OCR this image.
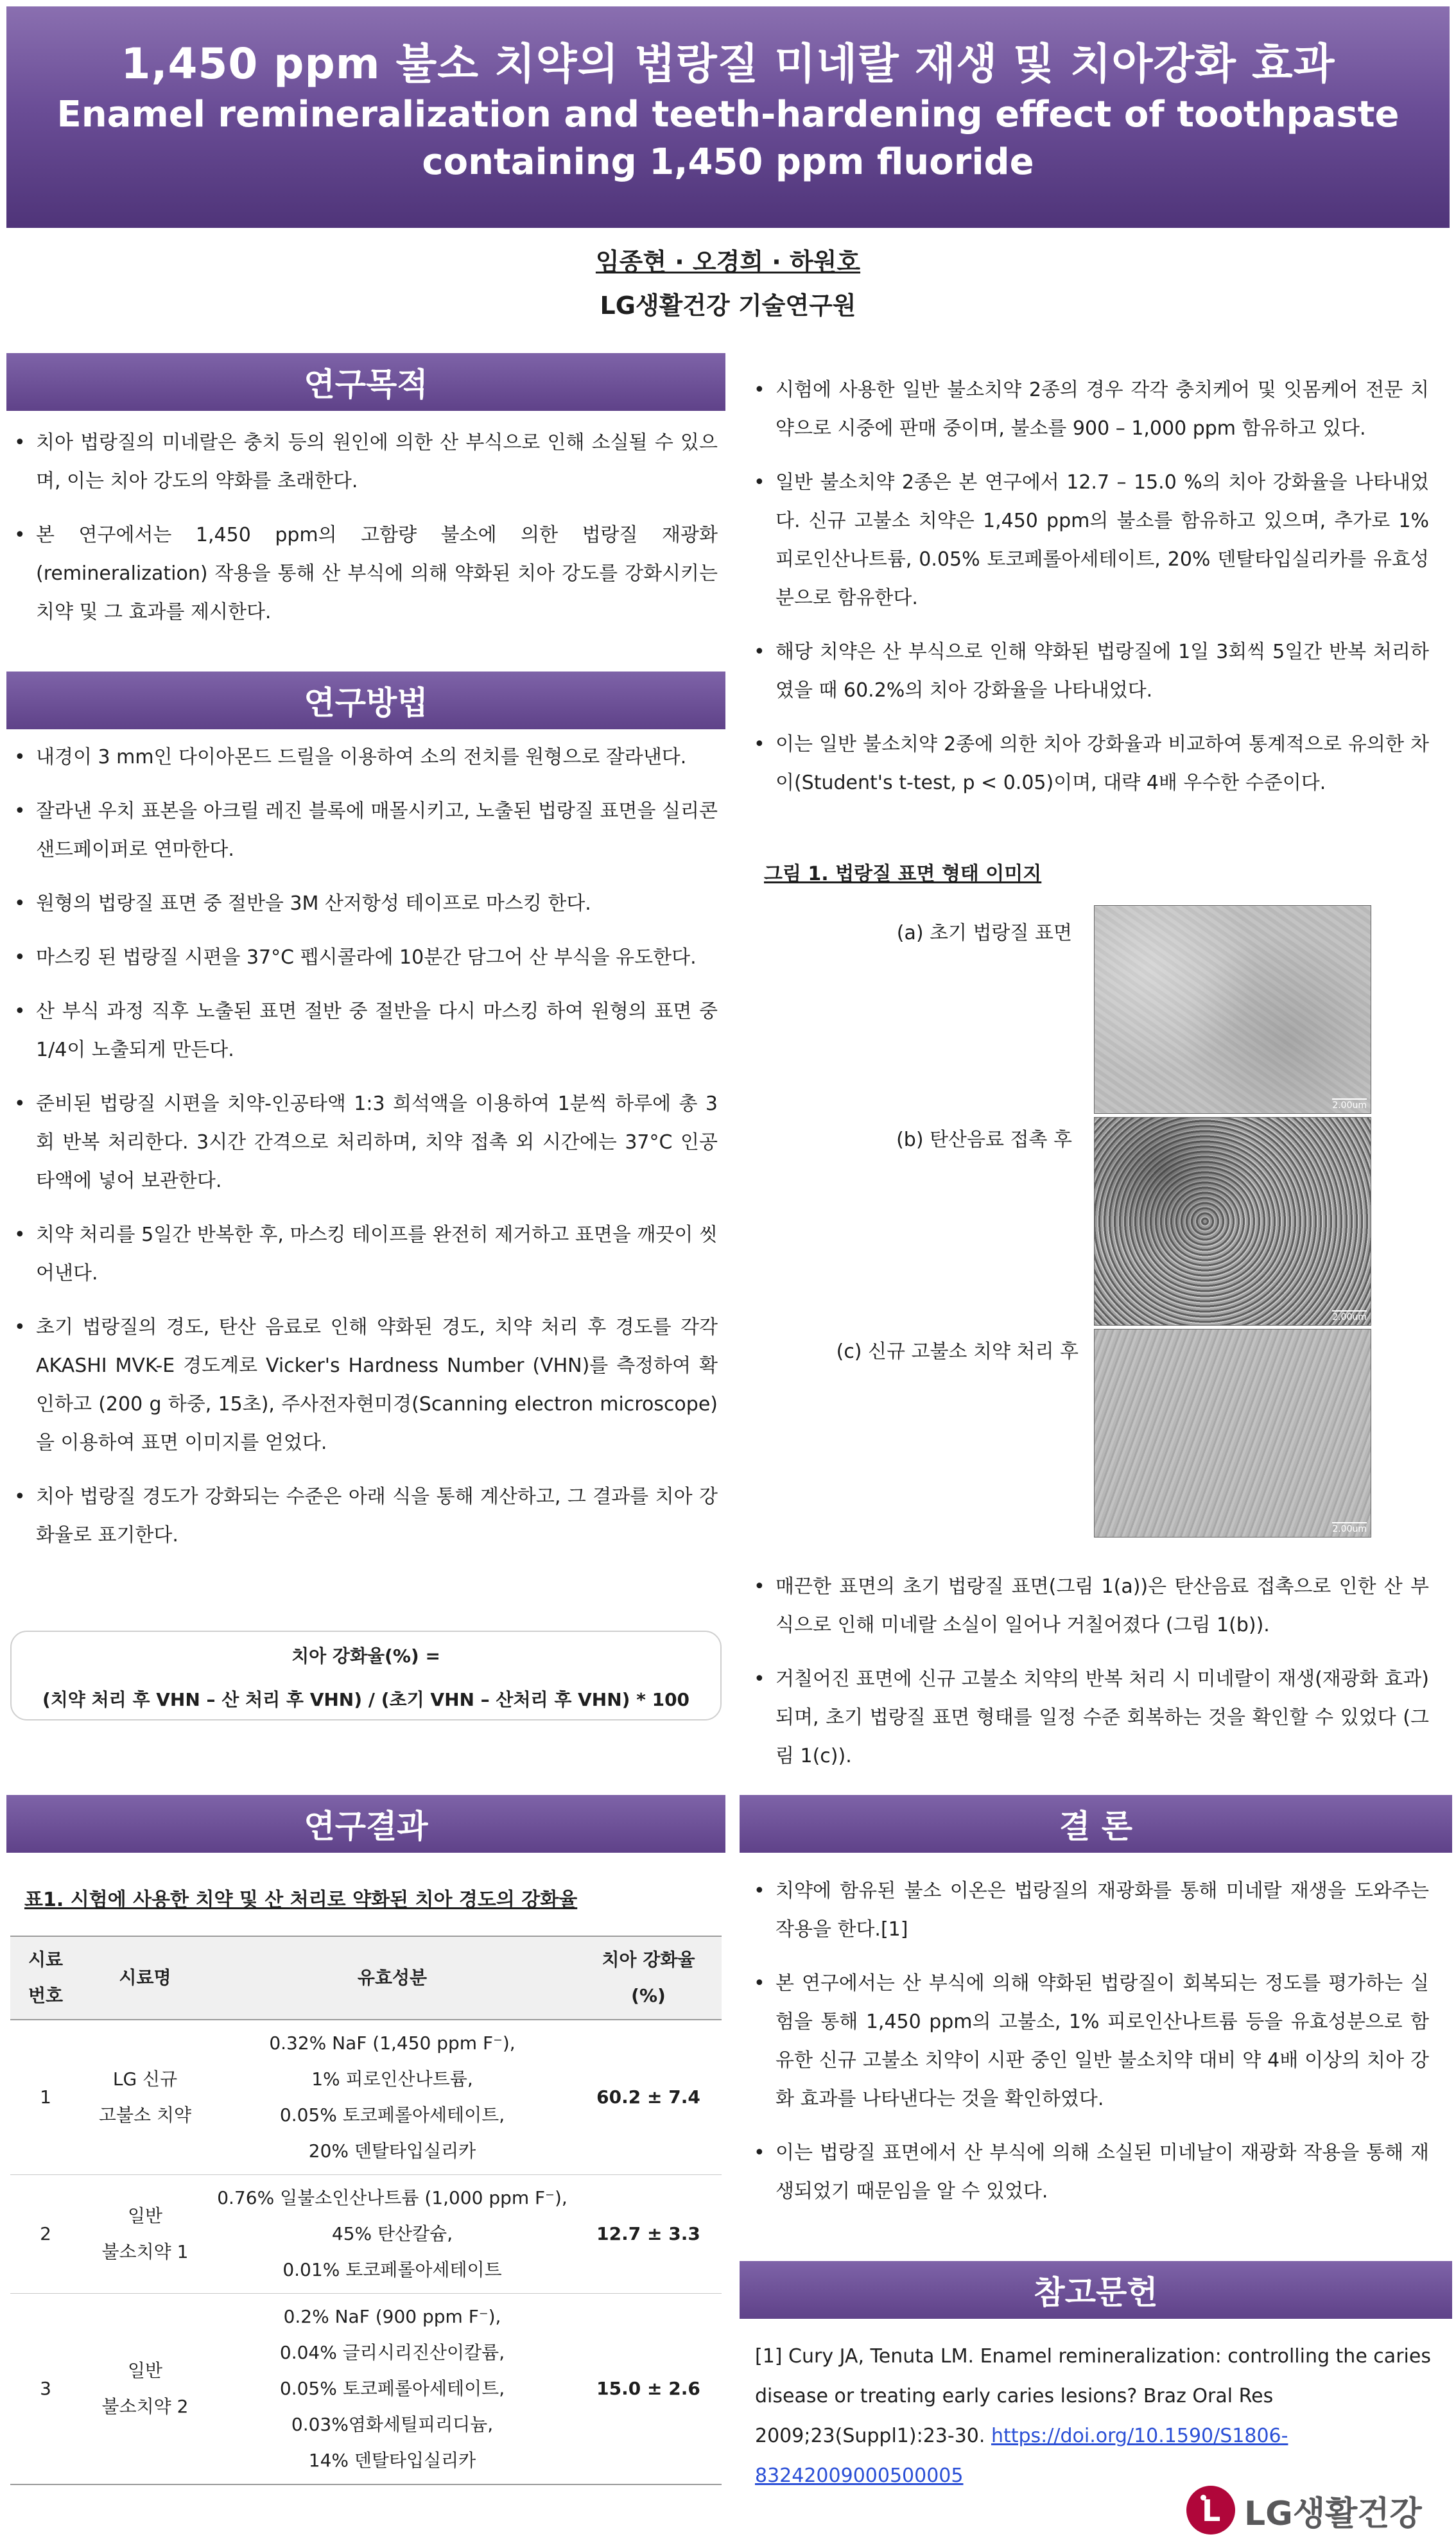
1,450 ppm 불소 치약의 법랑질 미네랄 재생 및 치아강화 효과
Enamel remineralization and teeth-hardening effect of toothpaste
containing 1,450 ppm fluoride
임종현 · 오경희 · 하원호
LG생활건강 기술연구원
연구목적
• 치아 법랑질의 미네랄은 충치 등의 원인에 의한 산 부식으로 인해 소실될 수 있으며, 이는 치아 강도의 약화를 초래한다.
• 본 연구에서는 1,450 ppm의 고함량 불소에 의한 법랑질 재광화(remineralization) 작용을 통해 산 부식에 의해 약화된 치아 강도를 강화시키는 치약 및 그 효과를 제시한다.
연구방법
• 내경이 3 mm인 다이아몬드 드릴을 이용하여 소의 전치를 원형으로 잘라낸다.
• 잘라낸 우치 표본을 아크릴 레진 블록에 매몰시키고, 노출된 법랑질 표면을 실리콘 샌드페이퍼로 연마한다.
• 원형의 법랑질 표면 중 절반을 3M 산저항성 테이프로 마스킹 한다.
• 마스킹 된 법랑질 시편을 37°C 펩시콜라에 10분간 담그어 산 부식을 유도한다.
• 산 부식 과정 직후 노출된 표면 절반 중 절반을 다시 마스킹 하여 원형의 표면 중 1/4이 노출되게 만든다.
• 준비된 법랑질 시편을 치약-인공타액 1:3 희석액을 이용하여 1분씩 하루에 총 3회 반복 처리한다. 3시간 간격으로 처리하며, 치약 접촉 외 시간에는 37°C 인공 타액에 넣어 보관한다.
• 치약 처리를 5일간 반복한 후, 마스킹 테이프를 완전히 제거하고 표면을 깨끗이 씻어낸다.
• 초기 법랑질의 경도, 탄산 음료로 인해 약화된 경도, 치약 처리 후 경도를 각각 AKASHI MVK-E 경도계로 Vicker's Hardness Number (VHN)를 측정하여 확인하고 (200 g 하중, 15초), 주사전자현미경(Scanning electron microscope)을 이용하여 표면 이미지를 얻었다.
• 치아 법랑질 경도가 강화되는 수준은 아래 식을 통해 계산하고, 그 결과를 치아 강화율로 표기한다.
치아 강화율(%) =
(치약 처리 후 VHN – 산 처리 후 VHN) / (초기 VHN – 산처리 후 VHN) * 100
• 시험에 사용한 일반 불소치약 2종의 경우 각각 충치케어 및 잇몸케어 전문 치약으로 시중에 판매 중이며, 불소를 900 – 1,000 ppm 함유하고 있다.
• 일반 불소치약 2종은 본 연구에서 12.7 – 15.0 %의 치아 강화율을 나타내었다. 신규 고불소 치약은 1,450 ppm의 불소를 함유하고 있으며, 추가로 1% 피로인산나트륨, 0.05% 토코페롤아세테이트, 20% 덴탈타입실리카를 유효성분으로 함유한다.
• 해당 치약은 산 부식으로 인해 약화된 법랑질에 1일 3회씩 5일간 반복 처리하였을 때 60.2%의 치아 강화율을 나타내었다.
• 이는 일반 불소치약 2종에 의한 치아 강화율과 비교하여 통계적으로 유의한 차이(Student's t-test, p < 0.05)이며, 대략 4배 우수한 수준이다.
그림 1. 법랑질 표면 형태 이미지
(a) 초기 법랑질 표면
2.00um
(b) 탄산음료 접촉 후
2.00um
(c) 신규 고불소 치약 처리 후
2.00um
• 매끈한 표면의 초기 법랑질 표면(그림 1(a))은 탄산음료 접촉으로 인한 산 부식으로 인해 미네랄 소실이 일어나 거칠어졌다 (그림 1(b)).
• 거칠어진 표면에 신규 고불소 치약의 반복 처리 시 미네랄이 재생(재광화 효과)되며, 초기 법랑질 표면 형태를 일정 수준 회복하는 것을 확인할 수 있었다 (그림 1(c)).
연구결과
표1. 시험에 사용한 치약 및 산 처리로 약화된 치아 경도의 강화율
시료
번호	시료명	유효성분	치아 강화율
(%)
1	LG 신규
고불소 치약	0.32% NaF (1,450 ppm F⁻),
1% 피로인산나트륨,
0.05% 토코페롤아세테이트,
20% 덴탈타입실리카	60.2 ± 7.4
2	일반
불소치약 1	0.76% 일불소인산나트륨 (1,000 ppm F⁻),
45% 탄산칼슘,
0.01% 토코페롤아세테이트	12.7 ± 3.3
3	일반
불소치약 2	0.2% NaF (900 ppm F⁻),
0.04% 글리시리진산이칼륨,
0.05% 토코페롤아세테이트,
0.03%염화세틸피리디늄,
14% 덴탈타입실리카	15.0 ± 2.6
결 론
• 치약에 함유된 불소 이온은 법랑질의 재광화를 통해 미네랄 재생을 도와주는 작용을 한다.[1]
• 본 연구에서는 산 부식에 의해 약화된 법랑질이 회복되는 정도를 평가하는 실험을 통해 1,450 ppm의 고불소, 1% 피로인산나트륨 등을 유효성분으로 함유한 신규 고불소 치약이 시판 중인 일반 불소치약 대비 약 4배 이상의 치아 강화 효과를 나타낸다는 것을 확인하였다.
• 이는 법랑질 표면에서 산 부식에 의해 소실된 미네날이 재광화 작용을 통해 재생되었기 때문임을 알 수 있었다.
참고문헌
[1] Cury JA, Tenuta LM. Enamel remineralization: controlling the caries disease or treating early caries lesions? Braz Oral Res 2009;23(Suppl1):23-30. https://doi.org/10.1590/S1806-83242009000500005
L
LG생활건강
